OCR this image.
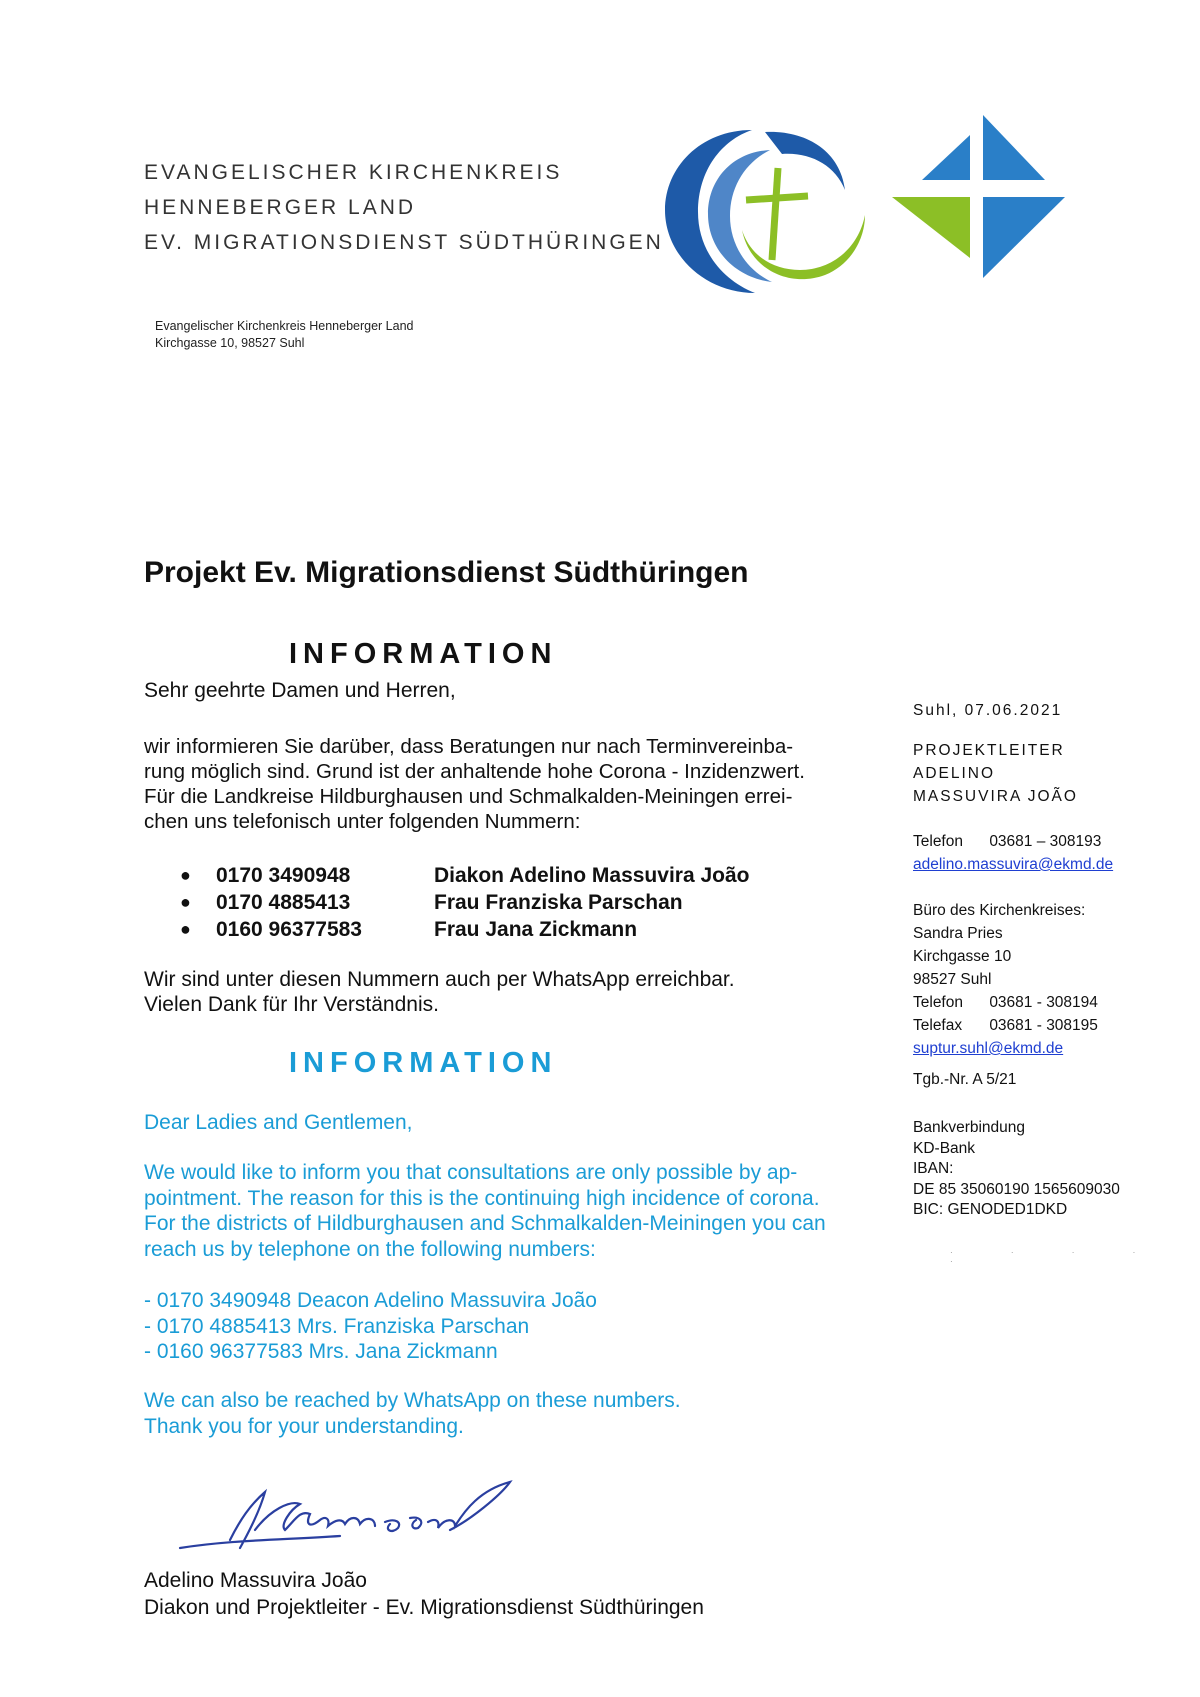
EVANGELISCHER KIRCHENKREIS
HENNEBERGER LAND
EV. MIGRATIONSDIENST SÜDTHÜRINGEN
Evangelischer Kirchenkreis Henneberger Land
Kirchgasse 10, 98527 Suhl
Projekt Ev. Migrationsdienst Südthüringen
INFORMATION
Sehr geehrte Damen und Herren,
wir informieren Sie darüber, dass Beratungen nur nach Terminvereinba-
rung möglich sind. Grund ist der anhaltende hohe Corona - Inzidenzwert.
Für die Landkreise Hildburghausen und Schmalkalden-Meiningen errei-
chen uns telefonisch unter folgenden Nummern:
●	0170 3490948	Diakon Adelino Massuvira João
●	0170 4885413	Frau Franziska Parschan
●	0160 96377583	Frau Jana Zickmann
Wir sind unter diesen Nummern auch per WhatsApp erreichbar.
Vielen Dank für Ihr Verständnis.
INFORMATION
Dear Ladies and Gentlemen,
We would like to inform you that consultations are only possible by ap-
pointment. The reason for this is the continuing high incidence of corona.
For the districts of Hildburghausen and Schmalkalden-Meiningen you can
reach us by telephone on the following numbers:
- 0170 3490948 Deacon Adelino Massuvira João
- 0170 4885413 Mrs. Franziska Parschan
- 0160 96377583 Mrs. Jana Zickmann
We can also be reached by WhatsApp on these numbers.
Thank you for your understanding.
Adelino Massuvira João
Diakon und Projektleiter - Ev. Migrationsdienst Südthüringen
Suhl, 07.06.2021
PROJEKTLEITER
ADELINO
MASSUVIRA JOÃO
Telefon 03681 – 308193
adelino.massuvira@ekmd.de
Büro des Kirchenkreises:
Sandra Pries
Kirchgasse 10
98527 Suhl
Telefon 03681 - 308194
Telefax 03681 - 308195
suptur.suhl@ekmd.de
Tgb.-Nr. A 5/21
Bankverbindung
KD-Bank
IBAN:
DE 85 35060190 1565609030
BIC: GENODED1DKD
· · · · ·
